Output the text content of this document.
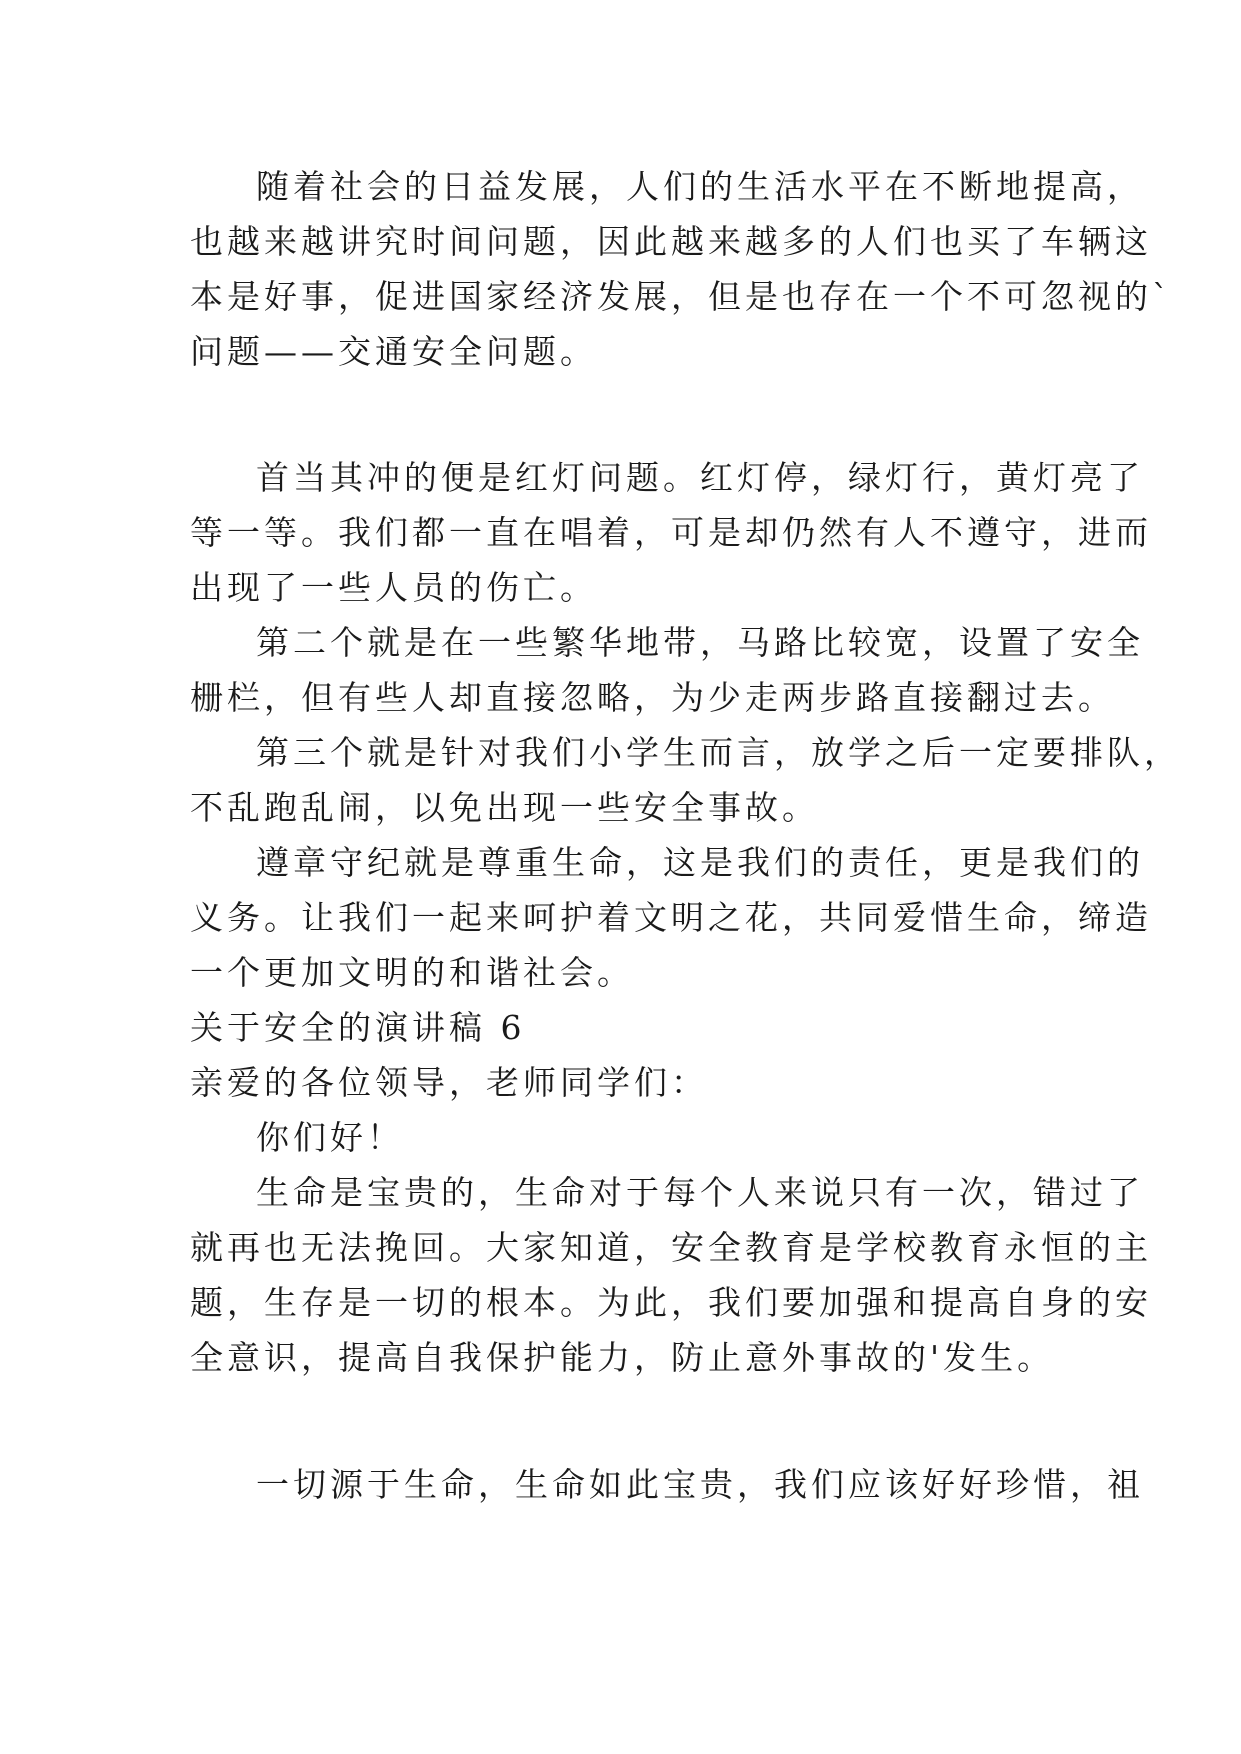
随着社会的日益发展，人们的生活水平在不断地提高，
也越来越讲究时间问题，因此越来越多的人们也买了车辆这
本是好事，促进国家经济发展，但是也存在一个不可忽视的`
问题——交通安全问题。
首当其冲的便是红灯问题。红灯停，绿灯行，黄灯亮了
等一等。我们都一直在唱着，可是却仍然有人不遵守，进而
出现了一些人员的伤亡。
第二个就是在一些繁华地带，马路比较宽，设置了安全
栅栏，但有些人却直接忽略，为少走两步路直接翻过去。
第三个就是针对我们小学生而言，放学之后一定要排队，
不乱跑乱闹，以免出现一些安全事故。
遵章守纪就是尊重生命，这是我们的责任，更是我们的
义务。让我们一起来呵护着文明之花，共同爱惜生命，缔造
一个更加文明的和谐社会。
关于安全的演讲稿 6
亲爱的各位领导，老师同学们：
你们好！
生命是宝贵的，生命对于每个人来说只有一次，错过了
就再也无法挽回。大家知道，安全教育是学校教育永恒的主
题，生存是一切的根本。为此，我们要加强和提高自身的安
全意识，提高自我保护能力，防止意外事故的'发生。
一切源于生命，生命如此宝贵，我们应该好好珍惜，祖
